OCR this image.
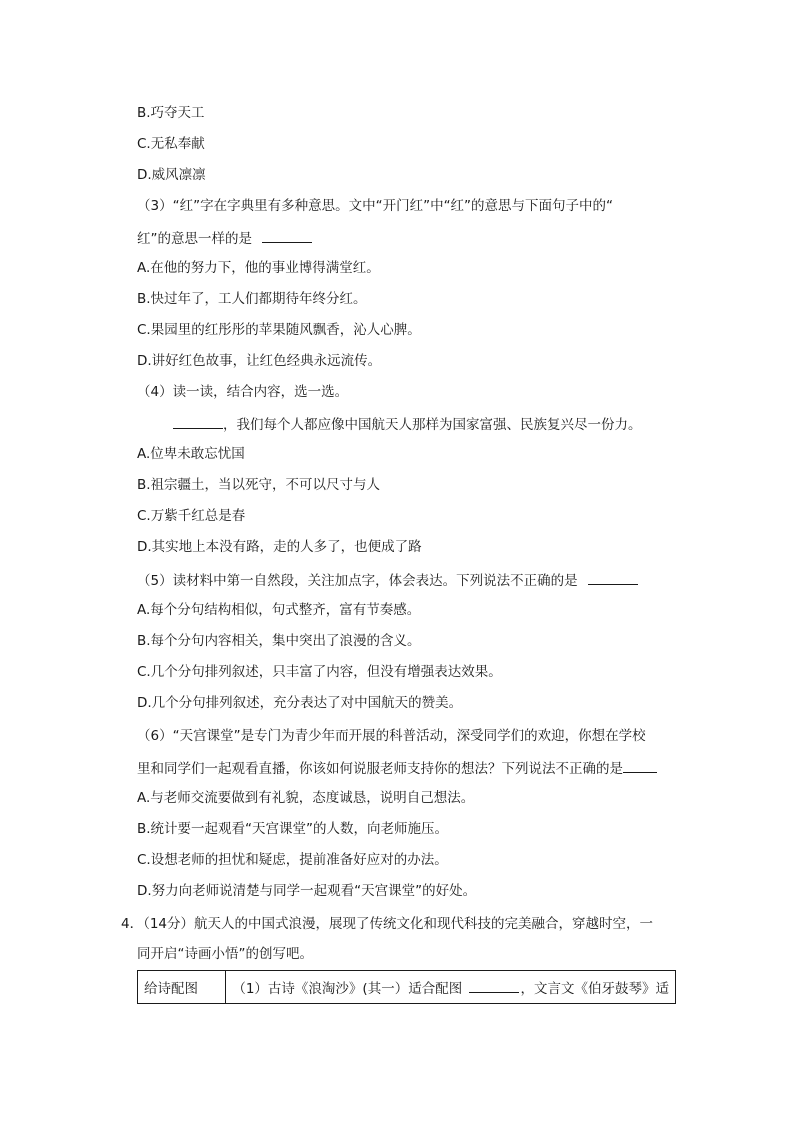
B.巧夺天工
C.无私奉献
D.威风凛凛
（3）“红”字在字典里有多种意思。文中“开门红”中“红”的意思与下面句子中的“
红”的意思一样的是
A.在他的努力下，他的事业博得满堂红。
B.快过年了，工人们都期待年终分红。
C.果园里的红彤彤的苹果随风飘香，沁人心脾。
D.讲好红色故事，让红色经典永远流传。
（4）读一读，结合内容，选一选。
，我们每个人都应像中国航天人那样为国家富强、民族复兴尽一份力。
A.位卑未敢忘忧国
B.祖宗疆土，当以死守，不可以尺寸与人
C.万紫千红总是春
D.其实地上本没有路，走的人多了，也便成了路
（5）读材料中第一自然段，关注加点字，体会表达。下列说法不正确的是
A.每个分句结构相似，句式整齐，富有节奏感。
B.每个分句内容相关，集中突出了浪漫的含义。
C.几个分句排列叙述，只丰富了内容，但没有增强表达效果。
D.几个分句排列叙述，充分表达了对中国航天的赞美。
（6）“天宫课堂”是专门为青少年而开展的科普活动，深受同学们的欢迎，你想在学校
里和同学们一起观看直播，你该如何说服老师支持你的想法？下列说法不正确的是
A.与老师交流要做到有礼貌，态度诚恳，说明自己想法。
B.统计要一起观看“天宫课堂”的人数，向老师施压。
C.设想老师的担忧和疑虑，提前准备好应对的办法。
D.努力向老师说清楚与同学一起观看“天宫课堂”的好处。
4．（14分）航天人的中国式浪漫，展现了传统文化和现代科技的完美融合，穿越时空，一
同开启“诗画小悟”的创写吧。
给诗配图	（1）古诗《浪淘沙》(其一）适合配图	，文言文《伯牙鼓琴》适
